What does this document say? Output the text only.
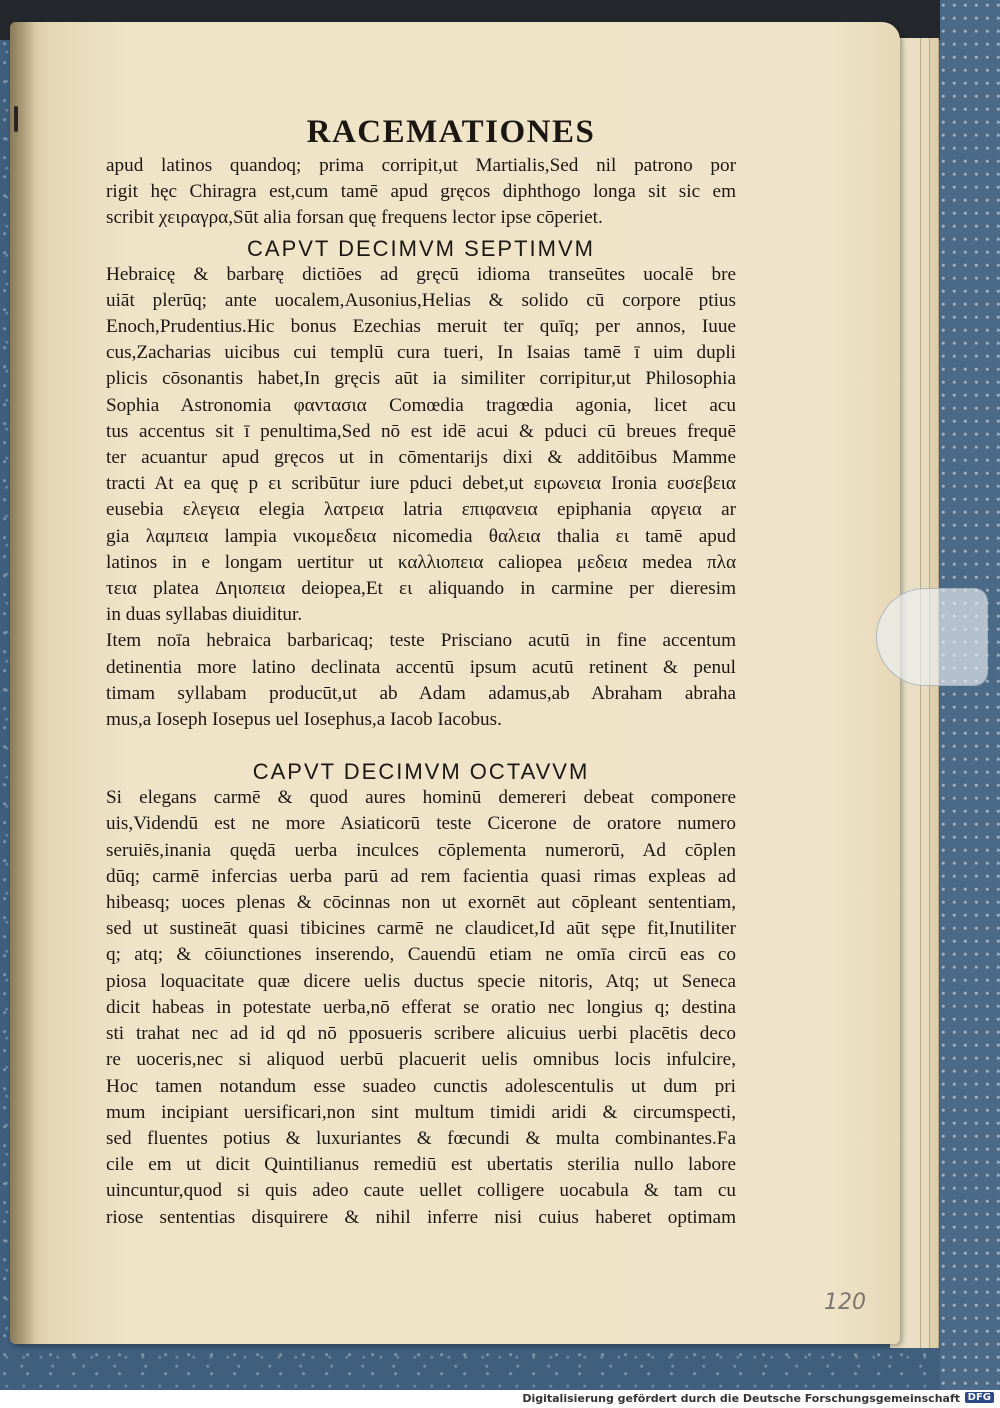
RACEMATIONES
apud latinos quandoq; prima corripit,ut Martialis,Sed nil patrono por
rigit hęc Chiragra est,cum tamē apud gręcos diphthogo longa sit sic em
scribit χειραγρα,Sūt alia forsan quę frequens lector ipse cōperiet.
CAPVT DECIMVM SEPTIMVM
Hebraicę & barbarę dictiōes ad gręcū idioma transeūtes uocalē bre
uiāt plerūq; ante uocalem,Ausonius,Helias & solido cū corpore ptius
Enoch,Prudentius.Hic bonus Ezechias meruit ter quīq; per annos, Iuue
cus,Zacharias uicibus cui templū cura tueri, In Isaias tamē ī uim dupli
plicis cōsonantis habet,In gręcis aūt ia similiter corripitur,ut Philosophia
Sophia Astronomia φαντασια Comœdia tragœdia agonia, licet acu
tus accentus sit ī penultima,Sed nō est idē acui & pduci cū breues frequē
ter acuantur apud gręcos ut in cōmentarijs dixi & additōibus Mamme
tracti At ea quę p ει scribūtur iure pduci debet,ut ειρωνεια Ironia ευσεβεια
eusebia ελεγεια elegia λατρεια latria επιφανεια epiphania αργεια ar
gia λαμπεια lampia νικομεδεια nicomedia θαλεια thalia ει tamē apud
latinos in e longam uertitur ut καλλιοπεια caliopea μεδεια medea πλα
τεια platea Δηιοπεια deiopea,Et ει aliquando in carmine per dieresim
in duas syllabas diuiditur.
Item noīa hebraica barbaricaq; teste Prisciano acutū in fine accentum
detinentia more latino declinata accentū ipsum acutū retinent & penul
timam syllabam producūt,ut ab Adam adamus,ab Abraham abraha
mus,a Ioseph Iosepus uel Iosephus,a Iacob Iacobus.
CAPVT DECIMVM OCTAVVM
Si elegans carmē & quod aures hominū demereri debeat componere
uis,Videndū est ne more Asiaticorū teste Cicerone de oratore numero
seruiēs,inania quędā uerba inculces cōplementa numerorū, Ad cōplen
dūq; carmē infercias uerba parū ad rem facientia quasi rimas expleas ad
hibeasq; uoces plenas & cōcinnas non ut exornēt aut cōpleant sententiam,
sed ut sustineāt quasi tibicines carmē ne claudicet,Id aūt sępe fit,Inutiliter
q; atq; & cōiunctiones inserendo, Cauendū etiam ne omīa circū eas co
piosa loquacitate quæ dicere uelis ductus specie nitoris, Atq; ut Seneca
dicit habeas in potestate uerba,nō efferat se oratio nec longius q; destina
sti trahat nec ad id qd nō pposueris scribere alicuius uerbi placētis deco
re uoceris,nec si aliquod uerbū placuerit uelis omnibus locis infulcire,
Hoc tamen notandum esse suadeo cunctis adolescentulis ut dum pri
mum incipiant uersificari,non sint multum timidi aridi & circumspecti,
sed fluentes potius & luxuriantes & fœcundi & multa combinantes.Fa
cile em ut dicit Quintilianus remediū est ubertatis sterilia nullo labore
uincuntur,quod si quis adeo caute uellet colligere uocabula & tam cu
riose sententias disquirere & nihil inferre nisi cuius haberet optimam
120
Digitalisierung gefördert durch die Deutsche Forschungsgemeinschaft DFG
